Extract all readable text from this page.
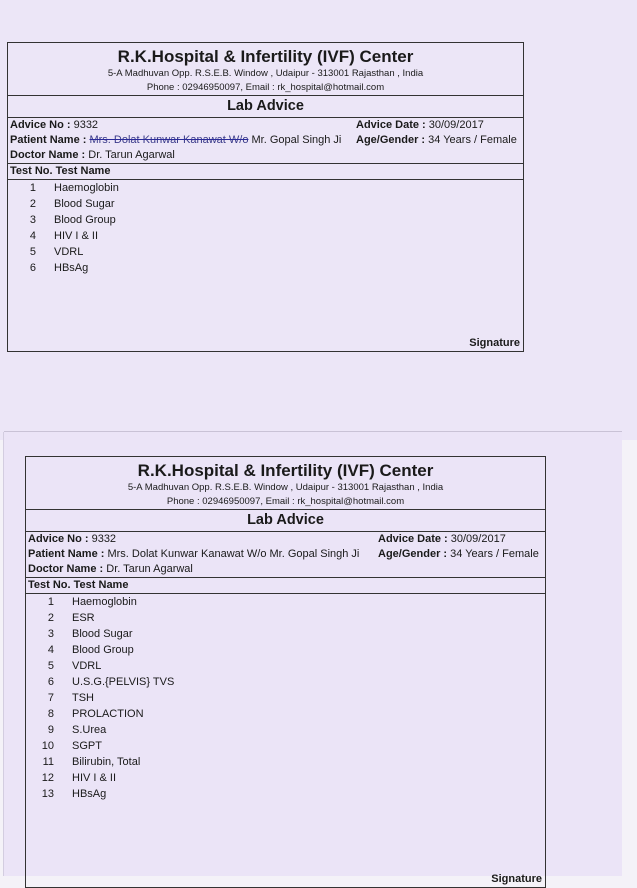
R.K.Hospital & Infertility (IVF) Center
5-A Madhuvan Opp. R.S.E.B. Window , Udaipur - 313001 Rajasthan , India
Phone : 02946950097, Email : rk_hospital@hotmail.com
Lab Advice
Advice No : 9332	Advice Date : 30/09/2017
Patient Name : Mrs. Dolat Kunwar Kanawat W/o Mr. Gopal Singh Ji Age/Gender : 34 Years / Female
Doctor Name : Dr. Tarun Agarwal
Test No. Test Name
1 Haemoglobin
2 Blood Sugar
3 Blood Group
4 HIV I & II
5 VDRL
6 HBsAg
Signature
R.K.Hospital & Infertility (IVF) Center
5-A Madhuvan Opp. R.S.E.B. Window , Udaipur - 313001 Rajasthan , India
Phone : 02946950097, Email : rk_hospital@hotmail.com
Lab Advice
Advice No : 9332	Advice Date : 30/09/2017
Patient Name : Mrs. Dolat Kunwar Kanawat W/o Mr. Gopal Singh Ji Age/Gender : 34 Years / Female
Doctor Name : Dr. Tarun Agarwal
Test No. Test Name
1 Haemoglobin
2 ESR
3 Blood Sugar
4 Blood Group
5 VDRL
6 U.S.G.{PELVIS} TVS
7 TSH
8 PROLACTION
9 S.Urea
10 SGPT
11 Bilirubin, Total
12 HIV I & II
13 HBsAg
Signature
